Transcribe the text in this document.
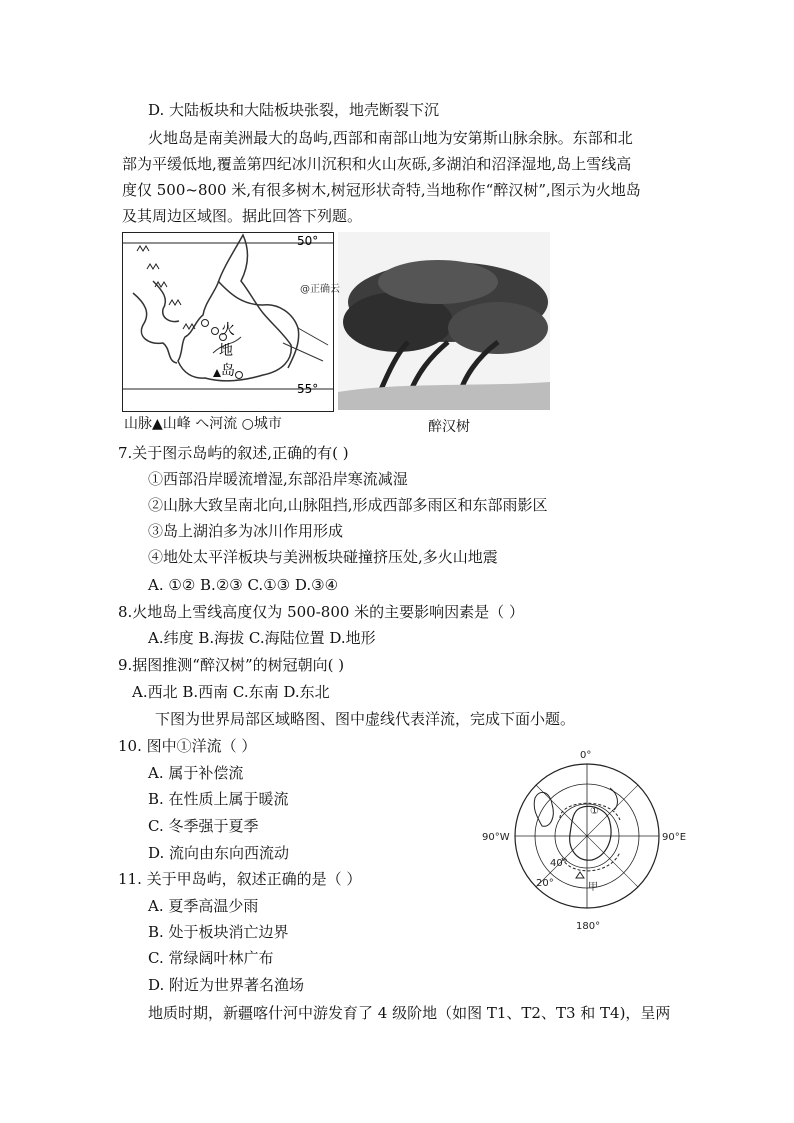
D. 大陆板块和大陆板块张裂，地壳断裂下沉
火地岛是南美洲最大的岛屿,西部和南部山地为安第斯山脉余脉。东部和北
部为平缓低地,覆盖第四纪冰川沉积和火山灰砾,多湖泊和沼泽湿地,岛上雪线高
度仅 500~800 米,有很多树木,树冠形状奇特,当地称作“醉汉树”,图示为火地岛
及其周边区域图。据此回答下列题。
50°
55°
火
地
岛
山脉▲山峰 へ河流 ○城市
@正确云
醉汉树
7.关于图示岛屿的叙述,正确的有( )
①西部沿岸暖流增湿,东部沿岸寒流减湿
②山脉大致呈南北向,山脉阻挡,形成西部多雨区和东部雨影区
③岛上湖泊多为冰川作用形成
④地处太平洋板块与美洲板块碰撞挤压处,多火山地震
A. ①② B.②③ C.①③ D.③④
8.火地岛上雪线高度仅为 500-800 米的主要影响因素是（ ）
A.纬度 B.海拔 C.海陆位置 D.地形
9.据图推测“醉汉树”的树冠朝向( )
A.西北 B.西南 C.东南 D.东北
下图为世界局部区域略图、图中虚线代表洋流，完成下面小题。
10. 图中①洋流（ ）
A. 属于补偿流
B. 在性质上属于暖流
C. 冬季强于夏季
D. 流向由东向西流动
0°
90°W	90°E
180°
40°
20°
①
甲
11. 关于甲岛屿，叙述正确的是（ ）
A. 夏季高温少雨
B. 处于板块消亡边界
C. 常绿阔叶林广布
D. 附近为世界著名渔场
地质时期，新疆喀什河中游发育了 4 级阶地（如图 T1、T2、T3 和 T4)，呈两
